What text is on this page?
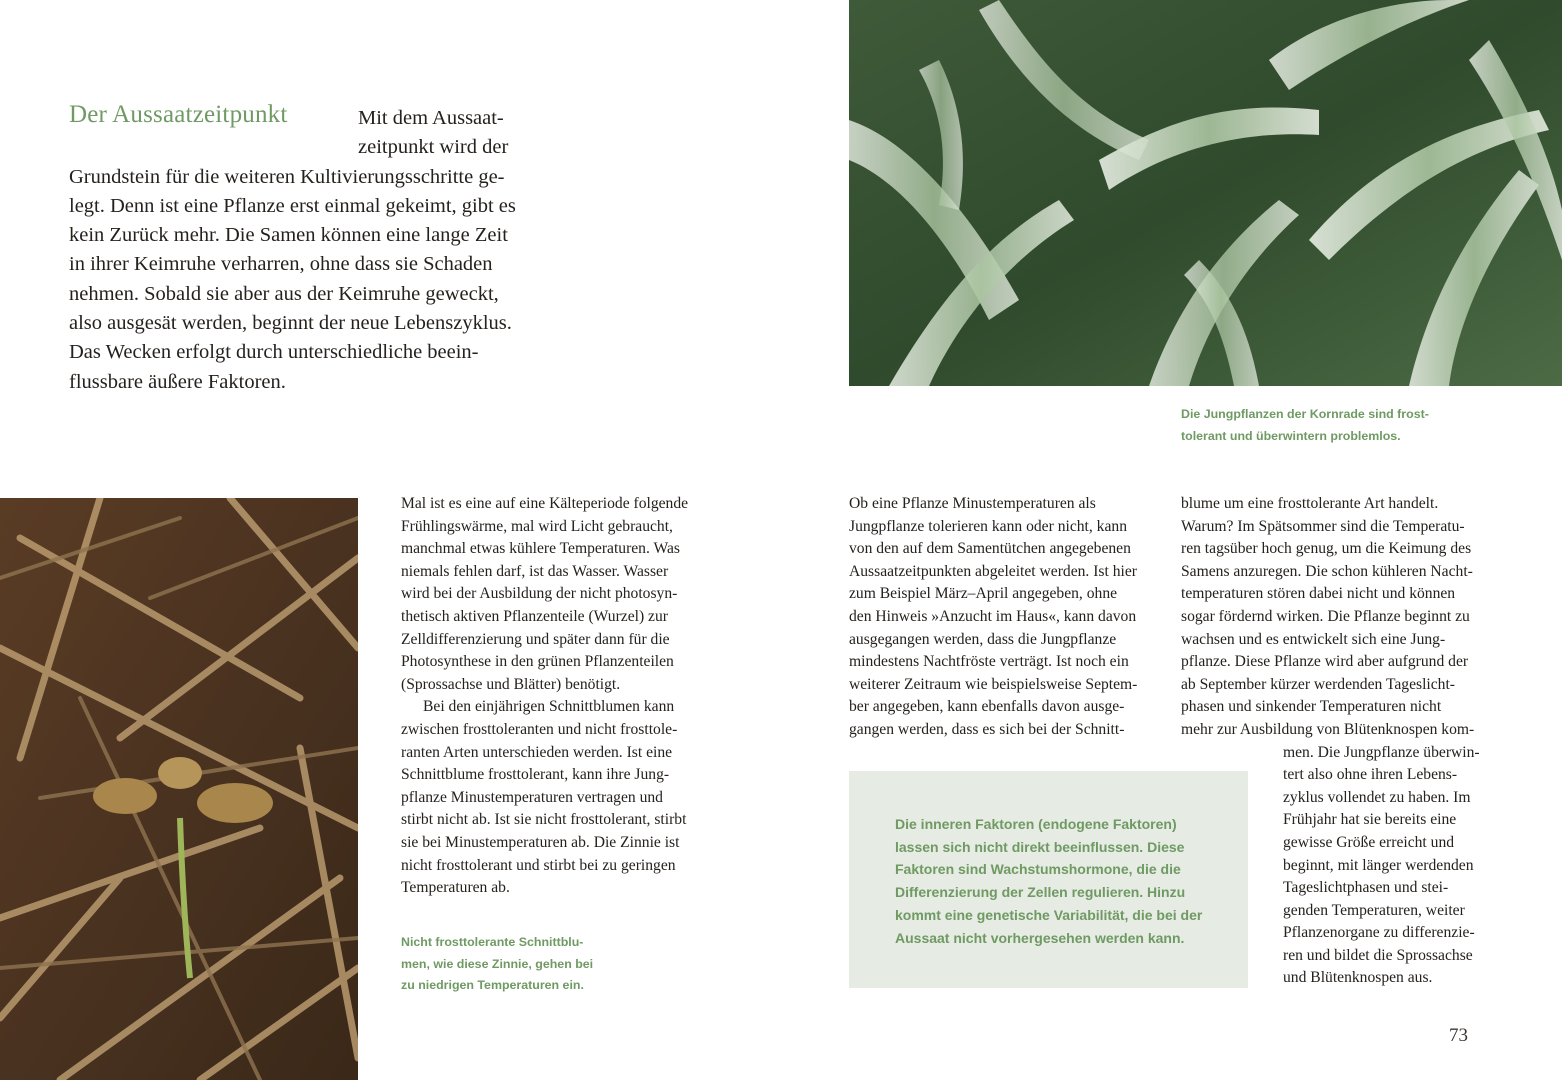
Der Aussaatzeitpunkt	Mit dem Aussaat-
zeitpunkt wird der
Grundstein für die weiteren Kultivierungsschritte ge-
legt. Denn ist eine Pflanze erst einmal gekeimt, gibt es
kein Zurück mehr. Die Samen können eine lange Zeit
in ihrer Keimruhe verharren, ohne dass sie Schaden
nehmen. Sobald sie aber aus der Keimruhe geweckt,
also ausgesät werden, beginnt der neue Lebenszyklus.
Das Wecken erfolgt durch unterschiedliche beein-
flussbare äußere Faktoren.
Mal ist es eine auf eine Kälteperiode folgende
Frühlingswärme, mal wird Licht gebraucht,
manchmal etwas kühlere Temperaturen. Was
niemals fehlen darf, ist das Wasser. Wasser
wird bei der Ausbildung der nicht photosyn-
thetisch aktiven Pflanzenteile (Wurzel) zur
Zelldifferenzierung und später dann für die
Photosynthese in den grünen Pflanzenteilen
(Sprossachse und Blätter) benötigt.
Bei den einjährigen Schnittblumen kann
zwischen frosttoleranten und nicht frosttole-
ranten Arten unterschieden werden. Ist eine
Schnittblume frosttolerant, kann ihre Jung-
pflanze Minustemperaturen vertragen und
stirbt nicht ab. Ist sie nicht frosttolerant, stirbt
sie bei Minustemperaturen ab. Die Zinnie ist
nicht frosttolerant und stirbt bei zu geringen
Temperaturen ab.
Ob eine Pflanze Minustemperaturen als
Jungpflanze tolerieren kann oder nicht, kann
von den auf dem Samentütchen angegebenen
Aussaatzeitpunkten abgeleitet werden. Ist hier
zum Beispiel März–April angegeben, ohne
den Hinweis »Anzucht im Haus«, kann davon
ausgegangen werden, dass die Jungpflanze
mindestens Nachtfröste verträgt. Ist noch ein
weiterer Zeitraum wie beispielsweise Septem-
ber angegeben, kann ebenfalls davon ausge-
gangen werden, dass es sich bei der Schnitt-
blume um eine frosttolerante Art handelt.
Warum? Im Spätsommer sind die Temperatu-
ren tagsüber hoch genug, um die Keimung des
Samens anzuregen. Die schon kühleren Nacht-
temperaturen stören dabei nicht und können
sogar fördernd wirken. Die Pflanze beginnt zu
wachsen und es entwickelt sich eine Jung-
pflanze. Diese Pflanze wird aber aufgrund der
ab September kürzer werdenden Tageslicht-
phasen und sinkender Temperaturen nicht
mehr zur Ausbildung von Blütenknospen kom-
men. Die Jungpflanze überwin-
tert also ohne ihren Lebens-
zyklus vollendet zu haben. Im
Frühjahr hat sie bereits eine
gewisse Größe erreicht und
beginnt, mit länger werdenden
Tageslichtphasen und stei-
genden Temperaturen, weiter
Pflanzenorgane zu differenzie-
ren und bildet die Sprossachse
und Blütenknospen aus.
Die Jungpflanzen der Kornrade sind frost-
tolerant und überwintern problemlos.
Nicht frosttolerante Schnittblu-
men, wie diese Zinnie, gehen bei
zu niedrigen Temperaturen ein.
Die inneren Faktoren (endogene Faktoren)
lassen sich nicht direkt beeinflussen. Diese
Faktoren sind Wachstumshormone, die die
Differenzierung der Zellen regulieren. Hinzu
kommt eine genetische Variabilität, die bei der
Aussaat nicht vorhergesehen werden kann.
73
